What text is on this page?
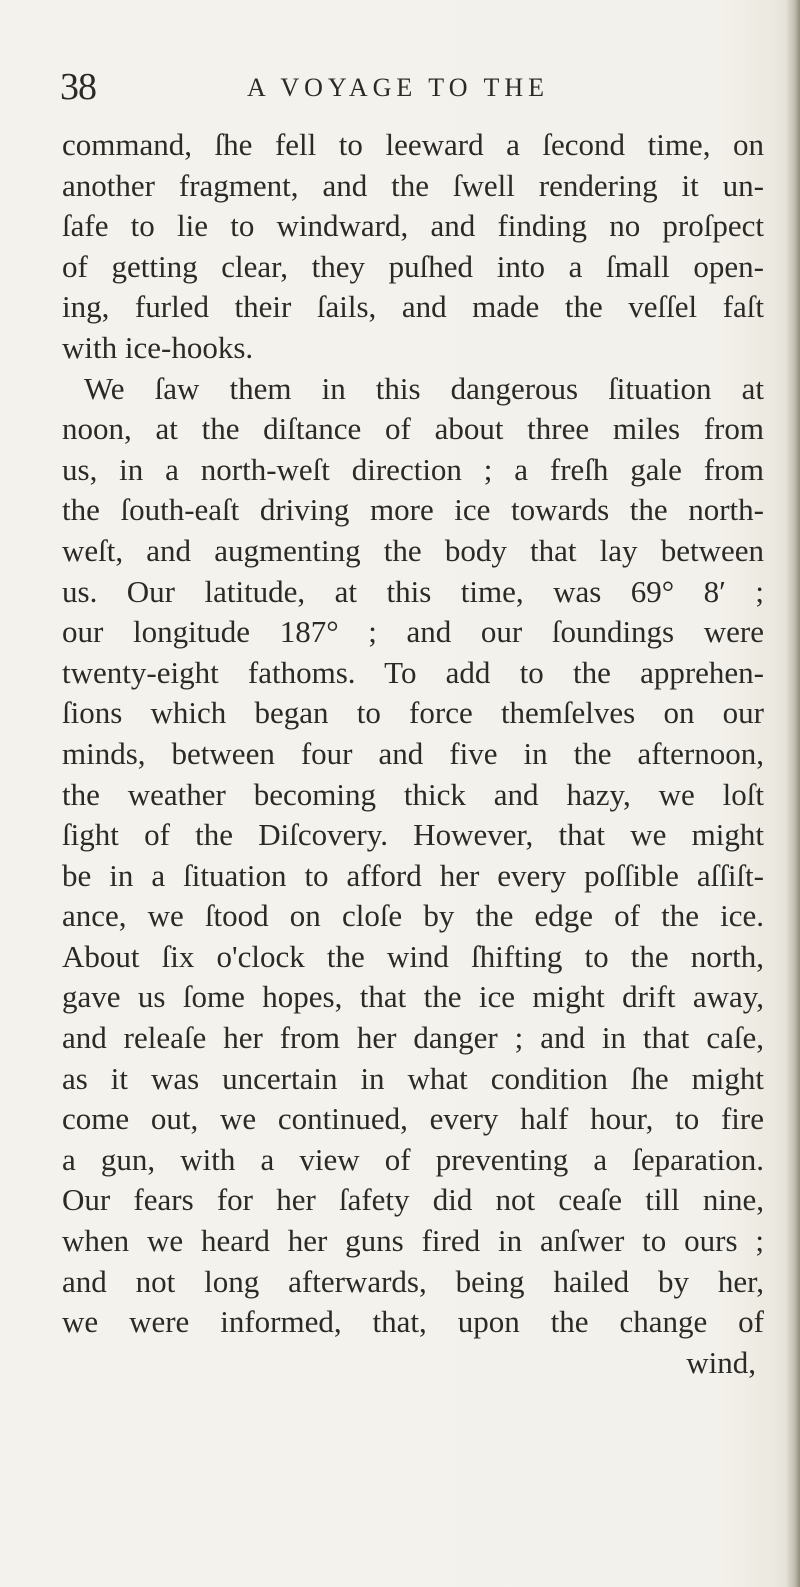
38	A VOYAGE TO THE
command, ſhe fell to leeward a ſecond time, on
another fragment, and the ſwell rendering it un-
ſafe to lie to windward, and finding no proſpect
of getting clear, they puſhed into a ſmall open-
ing, furled their ſails, and made the veſſel faſt
with ice-hooks.
We ſaw them in this dangerous ſituation at
noon, at the diſtance of about three miles from
us, in a north-weſt direction ; a freſh gale from
the ſouth-eaſt driving more ice towards the north-
weſt, and augmenting the body that lay between
us. Our latitude, at this time, was 69° 8′ ;
our longitude 187° ; and our ſoundings were
twenty-eight fathoms. To add to the apprehen-
ſions which began to force themſelves on our
minds, between four and five in the afternoon,
the weather becoming thick and hazy, we loſt
ſight of the Diſcovery. However, that we might
be in a ſituation to afford her every poſſible aſſiſt-
ance, we ſtood on cloſe by the edge of the ice.
About ſix o'clock the wind ſhifting to the north,
gave us ſome hopes, that the ice might drift away,
and releaſe her from her danger ; and in that caſe,
as it was uncertain in what condition ſhe might
come out, we continued, every half hour, to fire
a gun, with a view of preventing a ſeparation.
Our fears for her ſafety did not ceaſe till nine,
when we heard her guns fired in anſwer to ours ;
and not long afterwards, being hailed by her,
we were informed, that, upon the change of
wind,
